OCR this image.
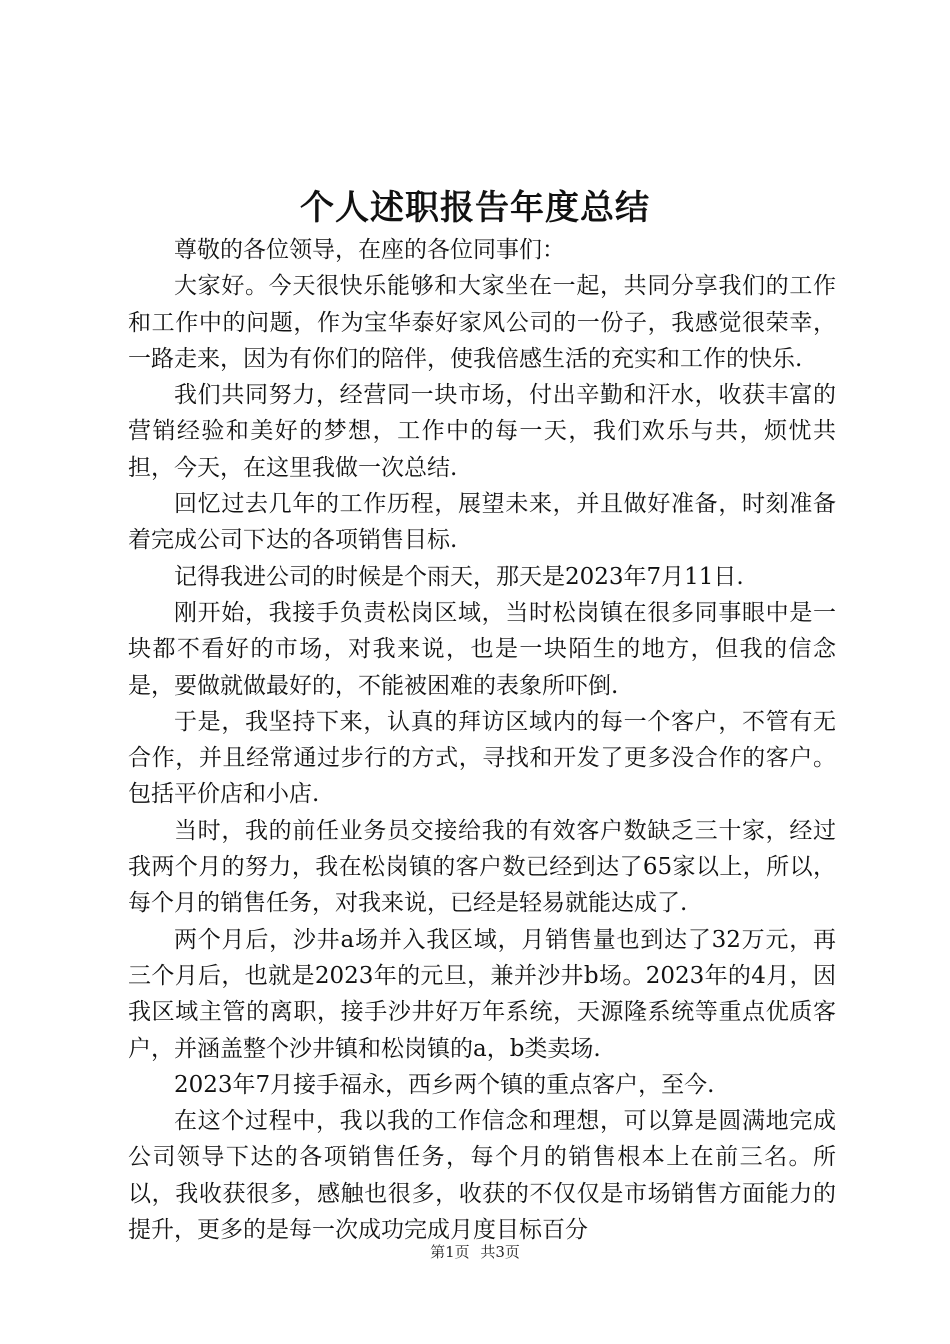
个人述职报告年度总结

尊敬的各位领导，在座的各位同事们：

大家好。今天很快乐能够和大家坐在一起，共同分享我们的工作和工作中的问题，作为宝华泰好家风公司的一份子，我感觉很荣幸，一路走来，因为有你们的陪伴，使我倍感生活的充实和工作的快乐.

我们共同努力，经营同一块市场，付出辛勤和汗水，收获丰富的营销经验和美好的梦想，工作中的每一天，我们欢乐与共，烦忧共担，今天，在这里我做一次总结.

回忆过去几年的工作历程，展望未来，并且做好准备，时刻准备着完成公司下达的各项销售目标.

记得我进公司的时候是个雨天，那天是2023年7月11日.

刚开始，我接手负责松岗区域，当时松岗镇在很多同事眼中是一块都不看好的市场，对我来说，也是一块陌生的地方，但我的信念是，要做就做最好的，不能被困难的表象所吓倒.

于是，我坚持下来，认真的拜访区域内的每一个客户，不管有无合作，并且经常通过步行的方式，寻找和开发了更多没合作的客户。包括平价店和小店.

当时，我的前任业务员交接给我的有效客户数缺乏三十家，经过我两个月的努力，我在松岗镇的客户数已经到达了65家以上，所以，每个月的销售任务，对我来说，已经是轻易就能达成了.

两个月后，沙井a场并入我区域，月销售量也到达了32万元，再三个月后，也就是2023年的元旦，兼并沙井b场。2023年的4月，因我区域主管的离职，接手沙井好万年系统，天源隆系统等重点优质客户，并涵盖整个沙井镇和松岗镇的a，b类卖场.

2023年7月接手福永，西乡两个镇的重点客户，至今.

在这个过程中，我以我的工作信念和理想，可以算是圆满地完成公司领导下达的各项销售任务，每个月的销售根本上在前三名。所以，我收获很多，感触也很多，收获的不仅仅是市场销售方面能力的提升，更多的是每一次成功完成月度目标百分

第1页 共3页
